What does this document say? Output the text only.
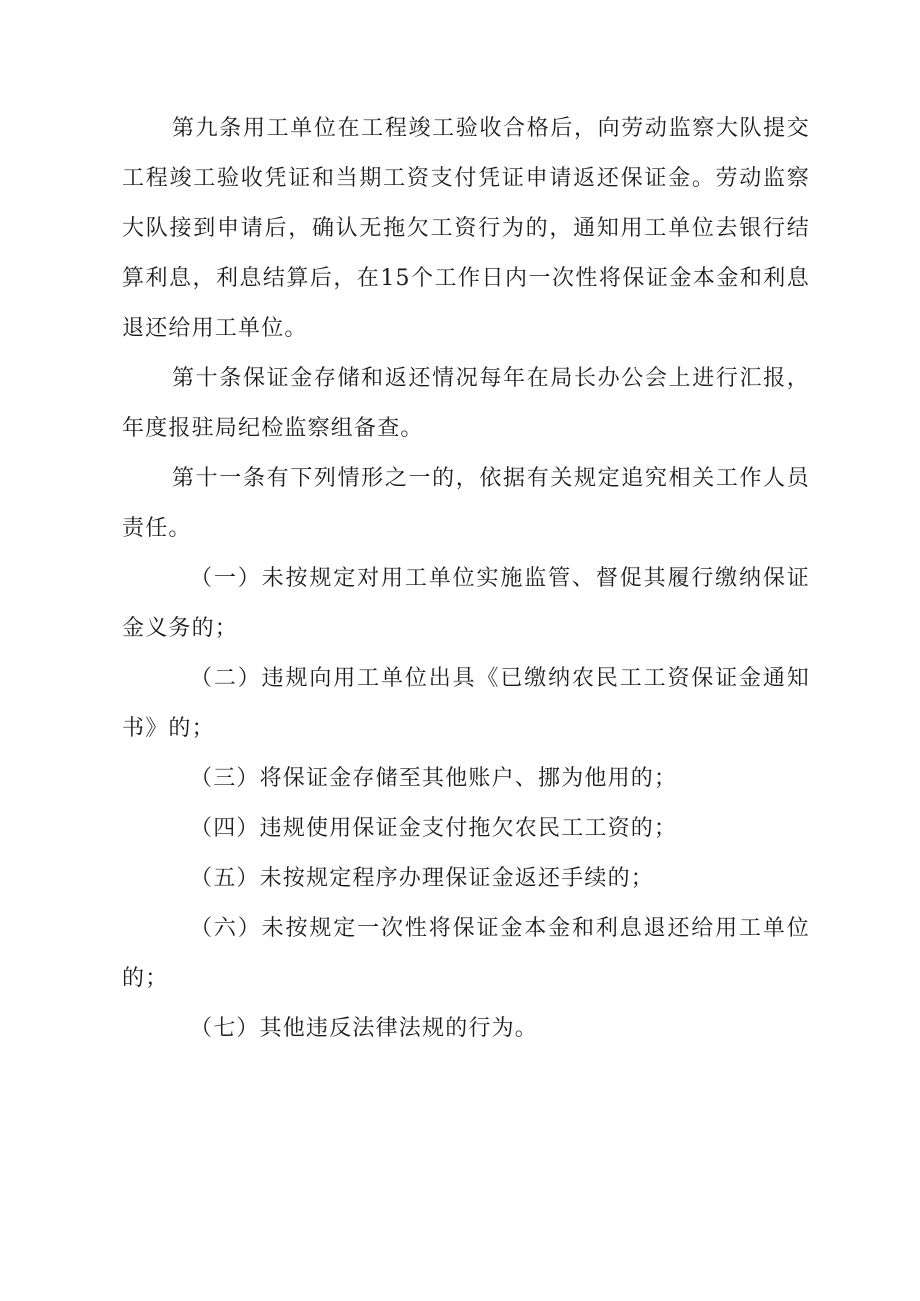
第九条用工单位在工程竣工验收合格后，向劳动监察大队提交工程竣工验收凭证和当期工资支付凭证申请返还保证金。劳动监察大队接到申请后，确认无拖欠工资行为的，通知用工单位去银行结算利息，利息结算后，在15个工作日内一次性将保证金本金和利息退还给用工单位。

第十条保证金存储和返还情况每年在局长办公会上进行汇报，年度报驻局纪检监察组备查。

第十一条有下列情形之一的，依据有关规定追究相关工作人员责任。

（一）未按规定对用工单位实施监管、督促其履行缴纳保证金义务的；

（二）违规向用工单位出具《已缴纳农民工工资保证金通知书》的；

（三）将保证金存储至其他账户、挪为他用的；

（四）违规使用保证金支付拖欠农民工工资的；

（五）未按规定程序办理保证金返还手续的；

（六）未按规定一次性将保证金本金和利息退还给用工单位的；

（七）其他违反法律法规的行为。
